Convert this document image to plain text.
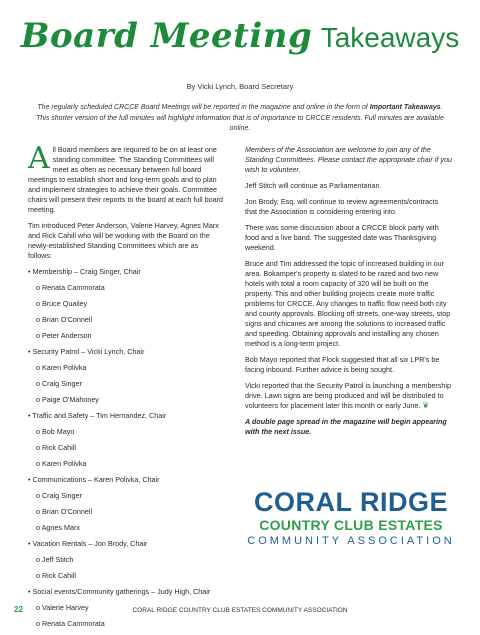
Board Meeting Takeaways
By Vicki Lynch, Board Secretary
The regularly scheduled CRCCE Board Meetings will be reported in the magazine and online in the form of Important Takeaways. This shorter version of the full minutes will highlight information that is of importance to CRCCE residents. Full minutes are available online.

All Board members are required to be on at least one standing committee. The Standing Committees will meet as often as necessary between full board meetings to establish short and long-term goals and to plan and implement strategies to achieve their goals. Committee chairs will present their reports to the board at each full board meeting.

Tim introduced Peter Anderson, Valerie Harvey, Agnes Marx and Rick Cahill who will be working with the Board on the newly-established Standing Committees which are as follows:

• Membership – Craig Singer, Chair
o Renata Cammorata
o Bruce Quailey
o Brian O'Connell
o Peter Anderson
• Security Patrol – Vicki Lynch, Chair
o Karen Polivka
o Craig Singer
o Paige O'Mahoney
• Traffic and Safety – Tim Hernandez, Chair
o Bob Mayo
o Rick Cahill
o Karen Polivka
• Communications – Karen Polivka, Chair
o Craig Singer
o Brian O'Connell
o Agnes Marx
• Vacation Rentals – Jon Brody, Chair
o Jeff Stitch
o Rick Cahill
• Social events/Community gatherings – Judy High, Chair
o Valerie Harvey
o Renata Cammorata

Members of the Association are welcome to join any of the Standing Committees. Please contact the appropriate chair if you wish to volunteer.

Jeff Stitch will continue as Parliamentarian.

Jon Brody, Esq. will continue to review agreements/contracts that the Association is considering entering into.

There was some discussion about a CRCCE block party with food and a live band. The suggested date was Thanksgiving weekend.

Bruce and Tim addressed the topic of increased building in our area. Bokamper's property is slated to be razed and two new hotels with total a room capacity of 320 will be built on the property. This and other building projects create more traffic problems for CRCCE. Any changes to traffic flow need both city and county approvals. Blocking off streets, one-way streets, stop signs and chicanes are among the solutions to increased traffic and speeding. Obtaining approvals and installing any chosen method is a long-term project.

Bob Mayo reported that Flock suggested that all six LPR's be facing inbound. Further advice is being sought.

Vicki reported that the Security Patrol is launching a membership drive. Lawn signs are being produced and will be distributed to volunteers for placement later this month or early June. ❦

A double page spread in the magazine will begin appearing with the next issue.

CORAL RIDGE
COUNTRY CLUB ESTATES
COMMUNITY ASSOCIATION
22	CORAL RIDGE COUNTRY CLUB ESTATES COMMUNITY ASSOCIATION
